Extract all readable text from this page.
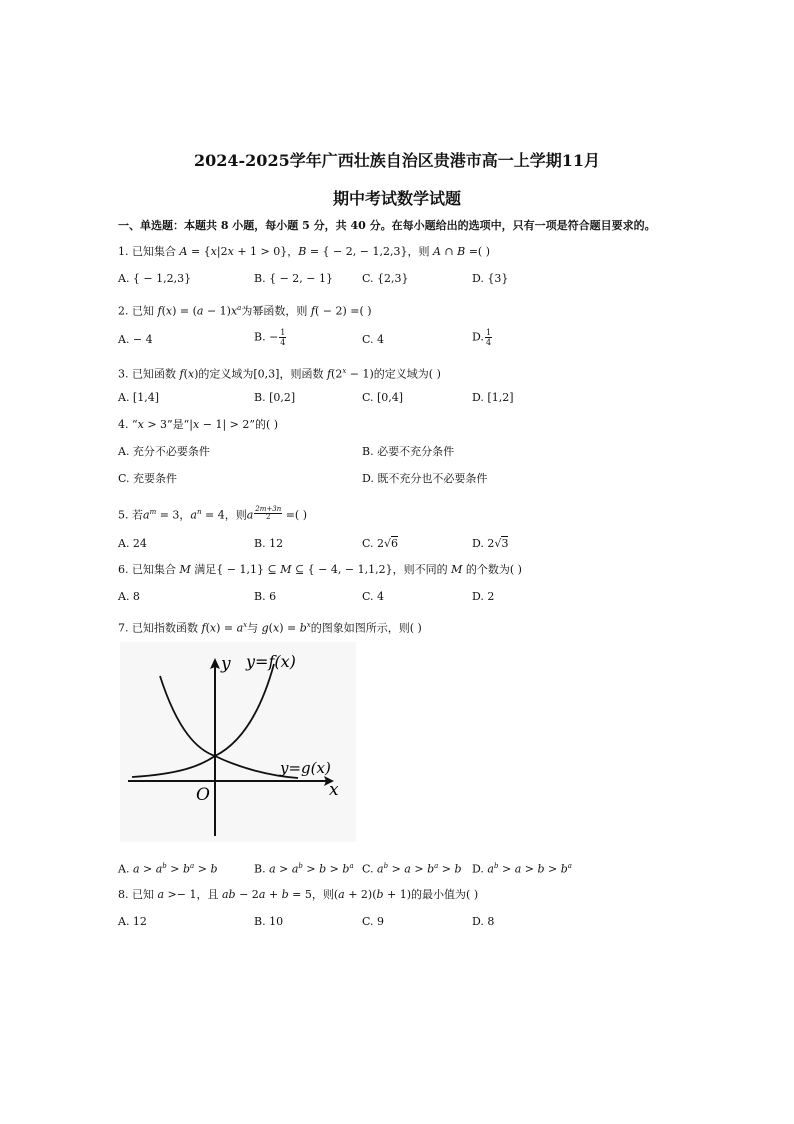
2024-2025学年广西壮族自治区贵港市高一上学期11月
期中考试数学试题
一、单选题：本题共 8 小题，每小题 5 分，共 40 分。在每小题给出的选项中，只有一项是符合题目要求的。
1. 已知集合 A = {x|2x + 1 > 0}，B = { − 2, − 1,2,3}，则 A ∩ B =( )
A. { − 1,2,3}	B. { − 2, − 1}	C. {2,3}	D. {3}
2. 已知 $f(x) = (a - 1)x^a$为幂函数，则 f( − 2) =( )
A. − 4	B. − $\frac{1}{4}$	C. 4	D. $\frac{1}{4}$
3. 已知函数 f(x)的定义域为[0,3]，则函数 $f(2^x - 1)$的定义域为( )
A. [1,4]	B. [0,2]	C. [0,4]	D. [1,2]
4. “x > 3”是“|x − 1| > 2”的( )
A. 充分不必要条件	B. 必要不充分条件
C. 充要条件	D. 既不充分也不必要条件
5. 若$a^m = 3$，$a^n = 4$，则a $\frac{2m+3n}{2}$ =( )
A. 24	B. 12	C. 2√6	D. 2√3
6. 已知集合 M 满足{ − 1,1} ⊆ M ⊆ { − 4, − 1,1,2}，则不同的 M 的个数为( )
A. 8	B. 6	C. 4	D. 2
7. 已知指数函数 $f(x) = a^x$与 $g(x) = b^x$的图象如图所示，则( )
y y=f(x)
y=g(x)
O	x
A. $a > a^b > b^a > b$	B. $a > a^b > b > b^a$ C. $a^b > a > b^a > b$ D. $a^b > a > b > b^a$
8. 已知 a >− 1，且 ab − 2a + b = 5，则(a + 2)(b + 1)的最小值为( )
A. 12	B. 10	C. 9	D. 8
